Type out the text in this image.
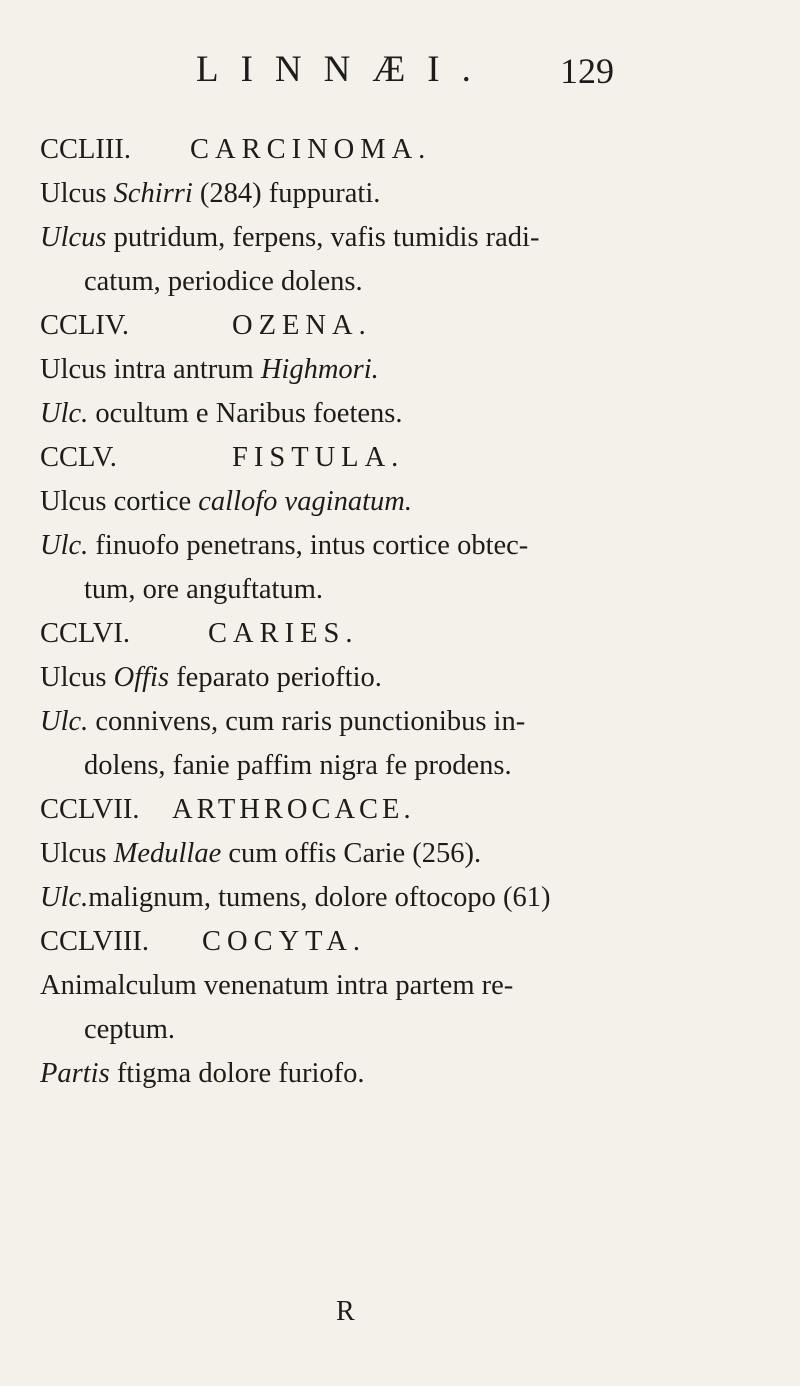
LINNÆI. 129
CCLIII. CARCINOMA.
Ulcus Schirri (284) fuppurati.
Ulcus putridum, ferpens, vafis tumidis radi-
catum, periodice dolens.
CCLIV.	OZENA.
Ulcus intra antrum Highmori.
Ulc. ocultum e Naribus foetens.
CCLV.	FISTULA.
Ulcus cortice callofo vaginatum.
Ulc. finuofo penetrans, intus cortice obtec-
tum, ore anguftatum.
CCLVI.	CARIES.
Ulcus Offis feparato perioftio.
Ulc. connivens, cum raris punctionibus in-
dolens, fanie paffim nigra fe prodens.
CCLVII. ARTHROCACE.
Ulcus Medullae cum offis Carie (256).
Ulc.malignum, tumens, dolore oftocopo (61)
CCLVIII. COCYTA.
Animalculum venenatum intra partem re-
ceptum.
Partis ftigma dolore furiofo.
R
